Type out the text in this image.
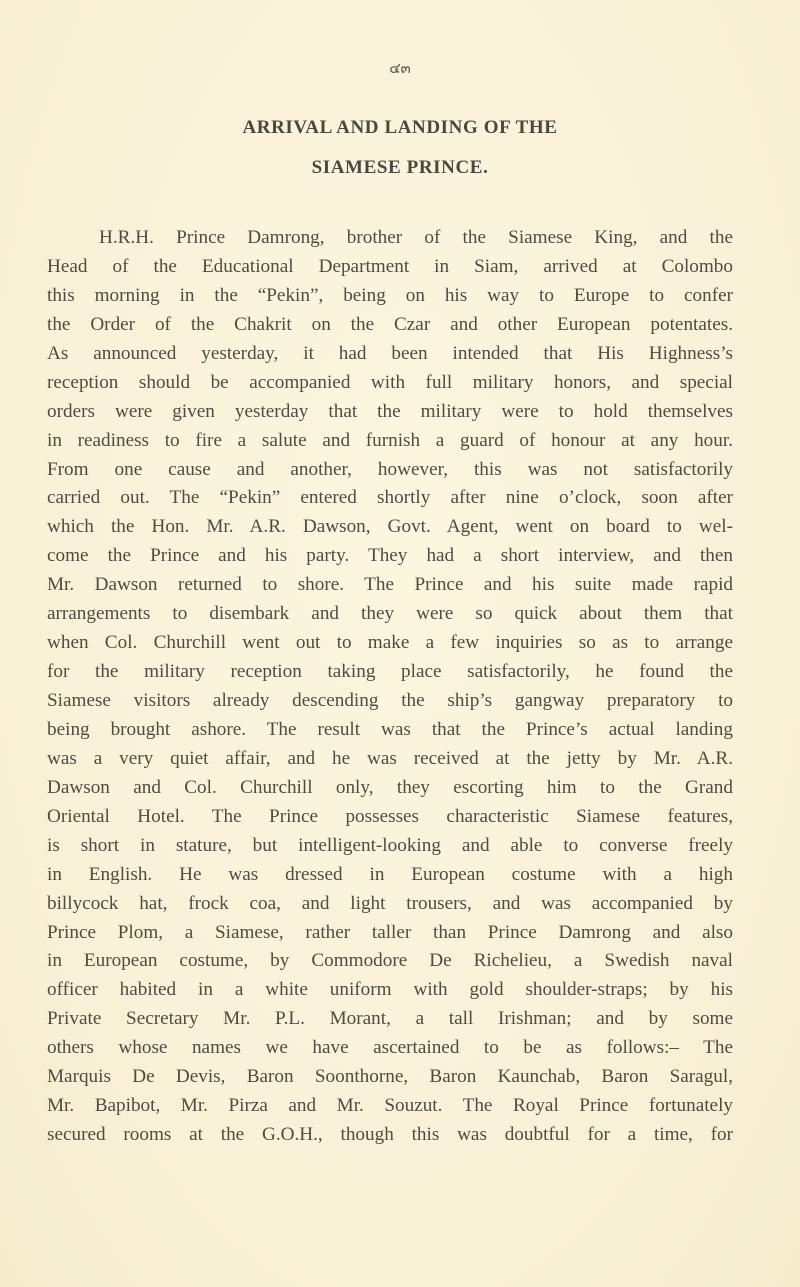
๔๓
ARRIVAL AND LANDING OF THE
SIAMESE PRINCE.
H.R.H. Prince Damrong, brother of the Siamese King, and the
Head of the Educational Department in Siam, arrived at Colombo
this morning in the “Pekin”, being on his way to Europe to confer
the Order of the Chakrit on the Czar and other European potentates.
As announced yesterday, it had been intended that His Highness’s
reception should be accompanied with full military honors, and special
orders were given yesterday that the military were to hold themselves
in readiness to fire a salute and furnish a guard of honour at any hour.
From one cause and another, however, this was not satisfactorily
carried out. The “Pekin” entered shortly after nine o’clock, soon after
which the Hon. Mr. A.R. Dawson, Govt. Agent, went on board to wel-
come the Prince and his party. They had a short interview, and then
Mr. Dawson returned to shore. The Prince and his suite made rapid
arrangements to disembark and they were so quick about them that
when Col. Churchill went out to make a few inquiries so as to arrange
for the military reception taking place satisfactorily, he found the
Siamese visitors already descending the ship’s gangway preparatory to
being brought ashore. The result was that the Prince’s actual landing
was a very quiet affair, and he was received at the jetty by Mr. A.R.
Dawson and Col. Churchill only, they escorting him to the Grand
Oriental Hotel. The Prince possesses characteristic Siamese features,
is short in stature, but intelligent-looking and able to converse freely
in English. He was dressed in European costume with a high
billycock hat, frock coa, and light trousers, and was accompanied by
Prince Plom, a Siamese, rather taller than Prince Damrong and also
in European costume, by Commodore De Richelieu, a Swedish naval
officer habited in a white uniform with gold shoulder-straps; by his
Private Secretary Mr. P.L. Morant, a tall Irishman; and by some
others whose names we have ascertained to be as follows:– The
Marquis De Devis, Baron Soonthorne, Baron Kaunchab, Baron Saragul,
Mr. Bapibot, Mr. Pirza and Mr. Souzut. The Royal Prince fortunately
secured rooms at the G.O.H., though this was doubtful for a time, for
